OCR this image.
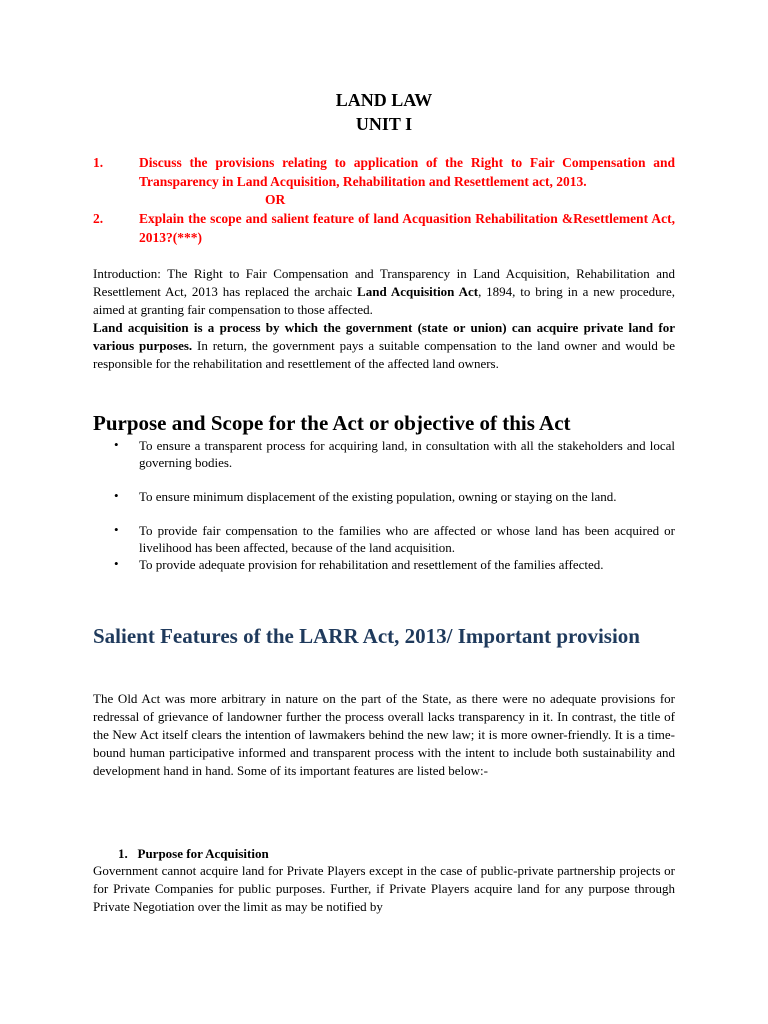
LAND LAW
UNIT I
1.	Discuss the provisions relating to application of the Right to Fair Compensation and Transparency in Land Acquisition, Rehabilitation and Resettlement act, 2013.
OR
2.	Explain the scope and salient feature of land Acquasition Rehabilitation &Resettlement Act, 2013?(***)
Introduction: The Right to Fair Compensation and Transparency in Land Acquisition, Rehabilitation and Resettlement Act, 2013 has replaced the archaic Land Acquisition Act, 1894, to bring in a new procedure, aimed at granting fair compensation to those affected.
Land acquisition is a process by which the government (state or union) can acquire private land for various purposes. In return, the government pays a suitable compensation to the land owner and would be responsible for the rehabilitation and resettlement of the affected land owners.
Purpose and Scope for the Act or objective of this Act
• To ensure a transparent process for acquiring land, in consultation with all the stakeholders and local governing bodies.
• To ensure minimum displacement of the existing population, owning or staying on the land.
• To provide fair compensation to the families who are affected or whose land has been acquired or livelihood has been affected, because of the land acquisition.
• To provide adequate provision for rehabilitation and resettlement of the families affected.
Salient Features of the LARR Act, 2013/ Important provision
The Old Act was more arbitrary in nature on the part of the State, as there were no adequate provisions for redressal of grievance of landowner further the process overall lacks transparency in it. In contrast, the title of the New Act itself clears the intention of lawmakers behind the new law; it is more owner-friendly. It is a time-bound human participative informed and transparent process with the intent to include both sustainability and development hand in hand. Some of its important features are listed below:-
1.   Purpose for Acquisition
Government cannot acquire land for Private Players except in the case of public-private partnership projects or for Private Companies for public purposes. Further, if Private Players acquire land for any purpose through Private Negotiation over the limit as may be notified by
